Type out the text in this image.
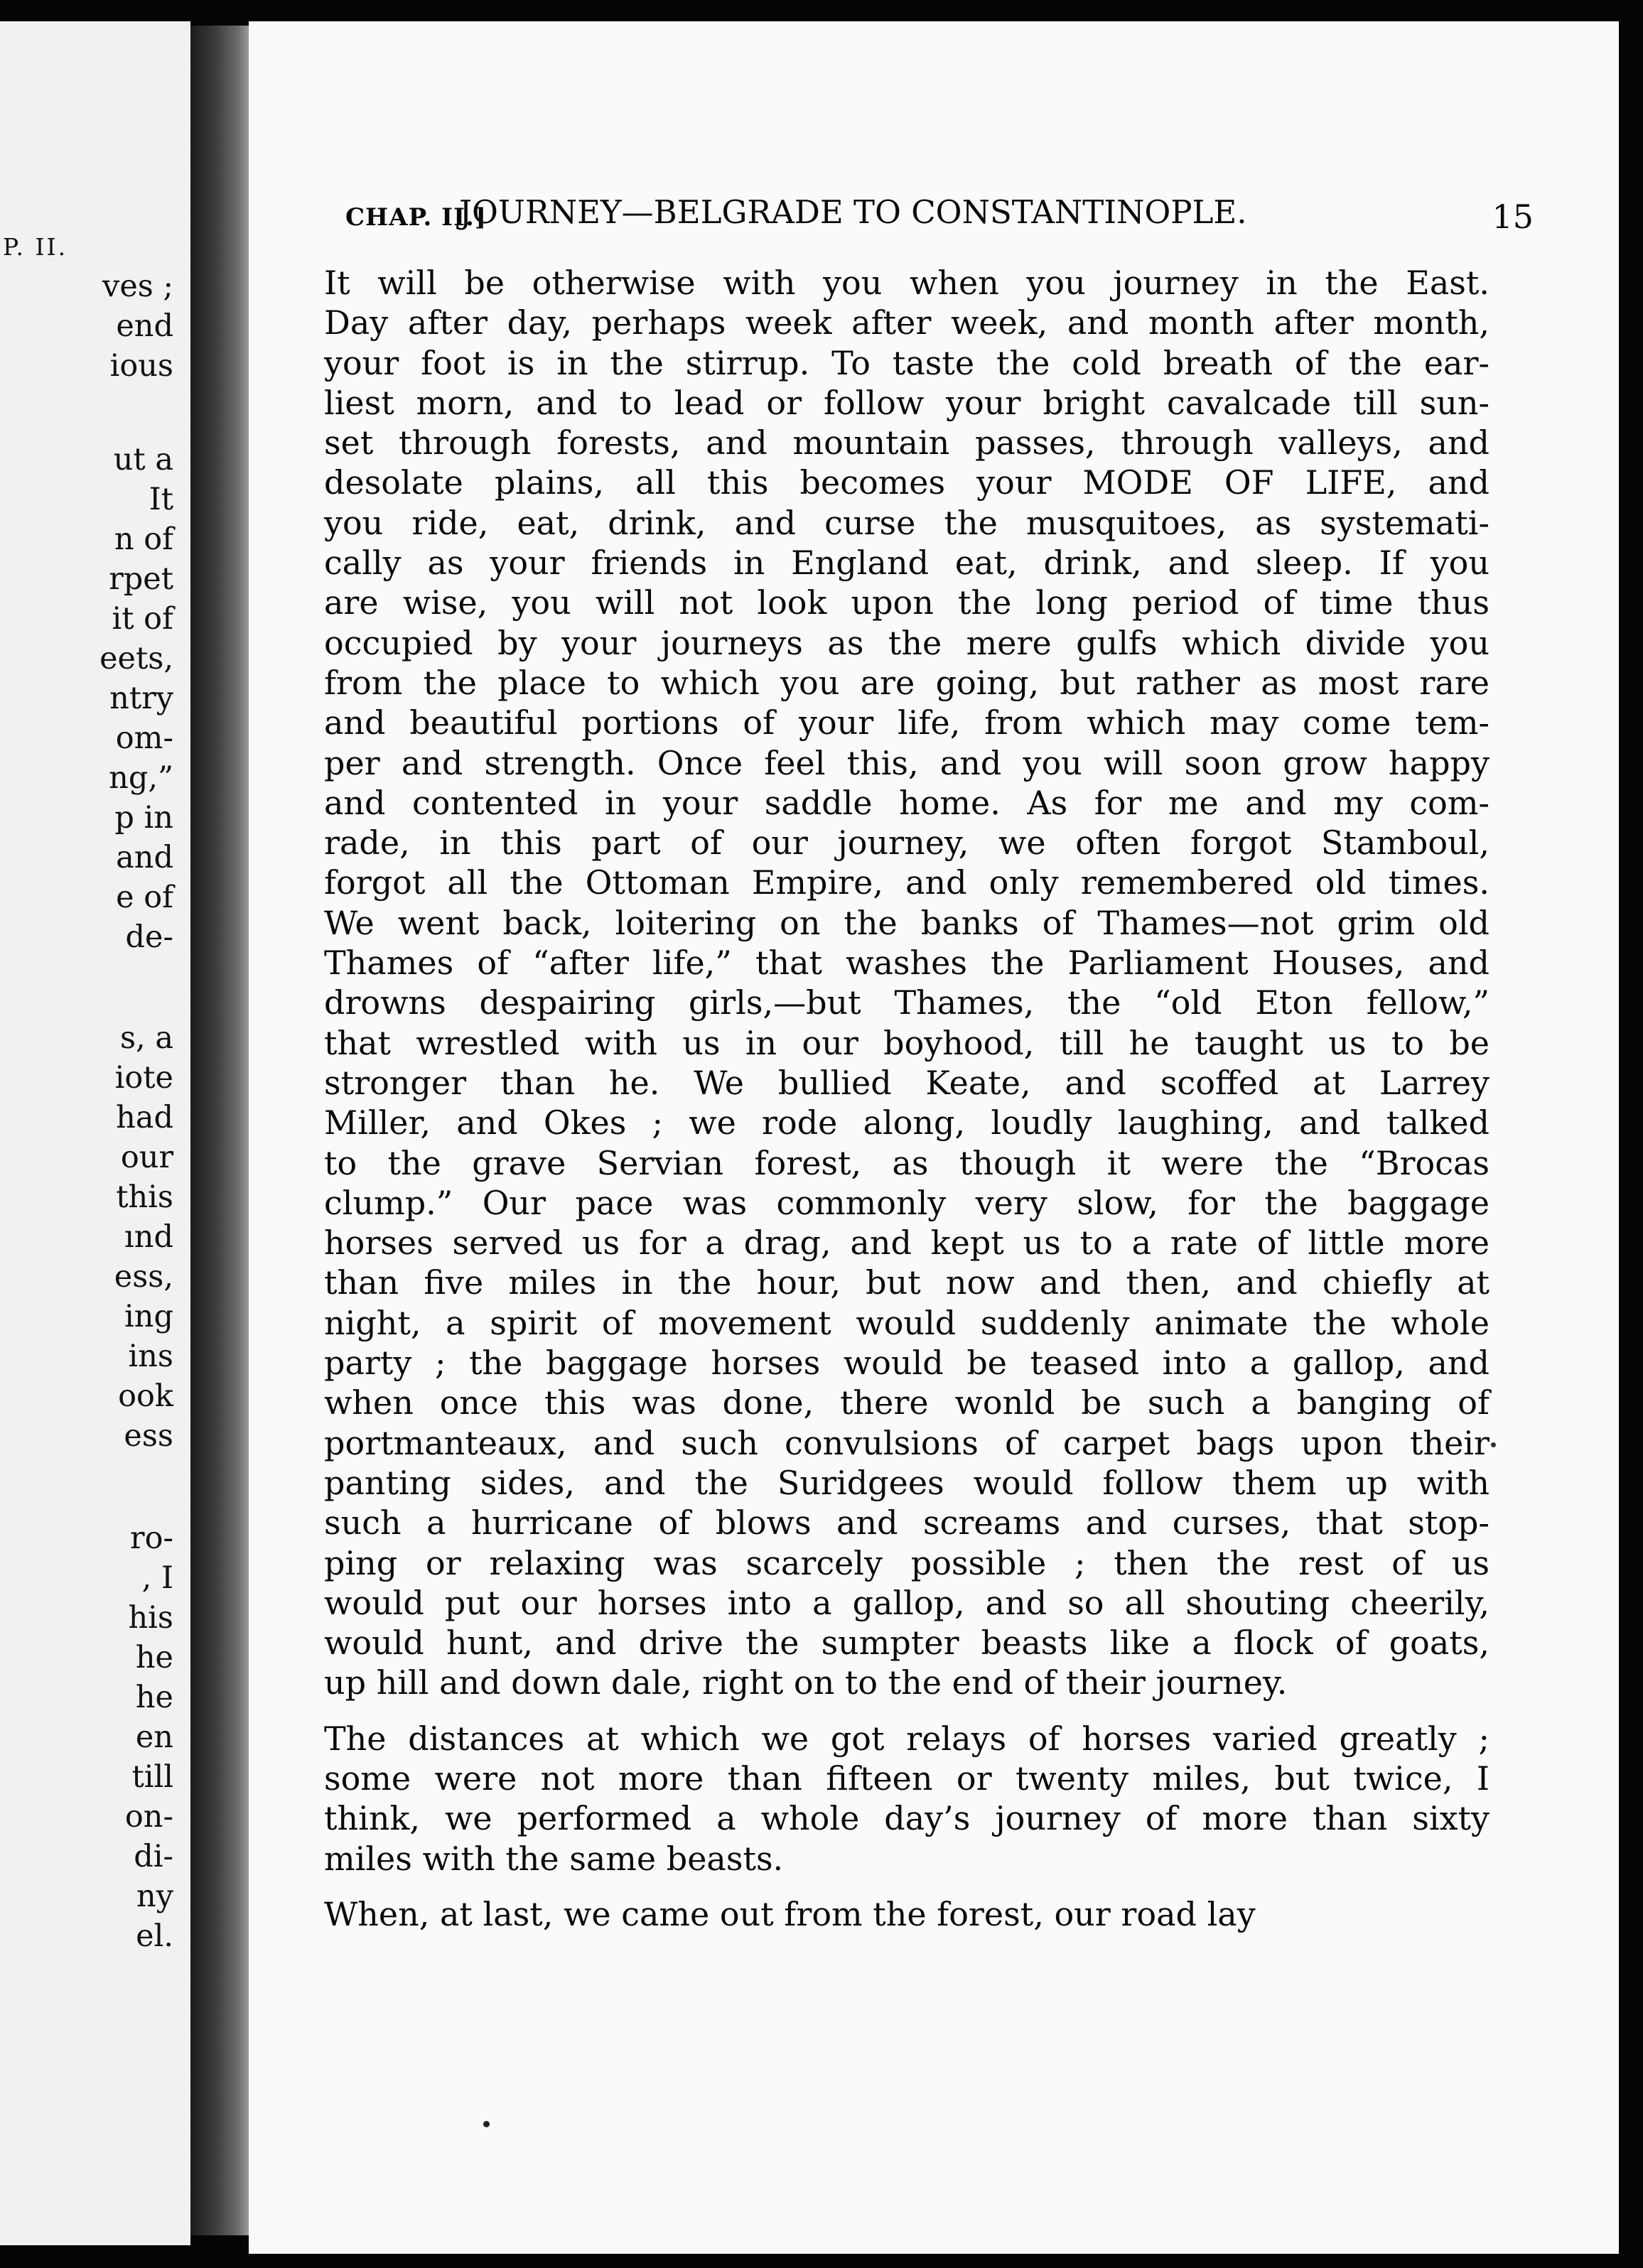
P. II.
ves ;
end
ious
ut a
It
n of
rpet
it of
eets,
ntry
om-
ng,”
p in
and
e of
de-
s, a
iote
had
our
this
ınd
ess,
ing
ins
ook
ess
ro-
, I
his
he
he
en
till
on-
di-
ny
el.
CHAP. II.]
JOURNEY—BELGRADE TO CONSTANTINOPLE.	15
It will be otherwise with you when you journey in the East.
Day after day, perhaps week after week, and month after month,
your foot is in the stirrup. To taste the cold breath of the ear-
liest morn, and to lead or follow your bright cavalcade till sun-
set through forests, and mountain passes, through valleys, and
desolate plains, all this becomes your MODE OF LIFE, and
you ride, eat, drink, and curse the musquitoes, as systemati-
cally as your friends in England eat, drink, and sleep. If you
are wise, you will not look upon the long period of time thus
occupied by your journeys as the mere gulfs which divide you
from the place to which you are going, but rather as most rare
and beautiful portions of your life, from which may come tem-
per and strength. Once feel this, and you will soon grow happy
and contented in your saddle home. As for me and my com-
rade, in this part of our journey, we often forgot Stamboul,
forgot all the Ottoman Empire, and only remembered old times.
We went back, loitering on the banks of Thames—not grim old
Thames of “after life,” that washes the Parliament Houses, and
drowns despairing girls,—but Thames, the “old Eton fellow,”
that wrestled with us in our boyhood, till he taught us to be
stronger than he. We bullied Keate, and scoffed at Larrey
Miller, and Okes ; we rode along, loudly laughing, and talked
to the grave Servian forest, as though it were the “Brocas
clump.” Our pace was commonly very slow, for the baggage
horses served us for a drag, and kept us to a rate of little more
than five miles in the hour, but now and then, and chiefly at
night, a spirit of movement would suddenly animate the whole
party ; the baggage horses would be teased into a gallop, and
when once this was done, there wonld be such a banging of
portmanteaux, and such convulsions of carpet bags upon their
panting sides, and the Suridgees would follow them up with
such a hurricane of blows and screams and curses, that stop-
ping or relaxing was scarcely possible ; then the rest of us
would put our horses into a gallop, and so all shouting cheerily,
would hunt, and drive the sumpter beasts like a flock of goats,
up hill and down dale, right on to the end of their journey.
The distances at which we got relays of horses varied greatly ;
some were not more than fifteen or twenty miles, but twice, I
think, we performed a whole day’s journey of more than sixty
miles with the same beasts.
When, at last, we came out from the forest, our road lay
